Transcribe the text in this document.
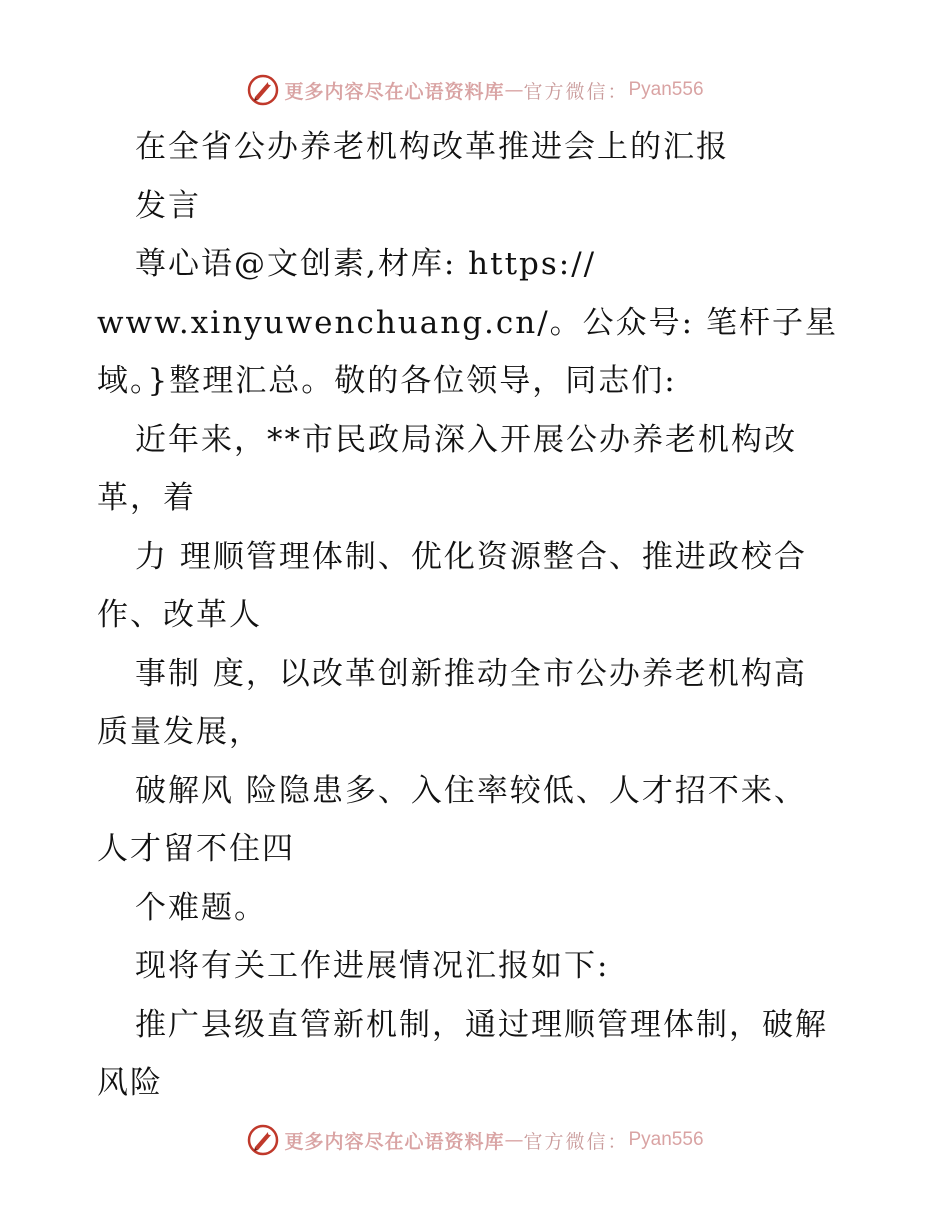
更多内容尽在心语资料库 — 官方微信： Pyan556
在全省公办养老机构改革推进会上的汇报
发言
尊心语@文创素,材库: https://
www.xinyuwenchuang.cn/。公众号: 笔杆子星
域。}整理汇总。敬的各位领导，同志们:
近年来，**市民政局深入开展公办养老机构改
革，着
力 理顺管理体制、优化资源整合、推进政校合
作、改革人
事制 度，以改革创新推动全市公办养老机构高
质量发展，
破解风 险隐患多、入住率较低、人才招不来、
人才留不住四
个难题。
现将有关工作进展情况汇报如下:
推广县级直管新机制，通过理顺管理体制，破解
风险
更多内容尽在心语资料库 — 官方微信： Pyan556
